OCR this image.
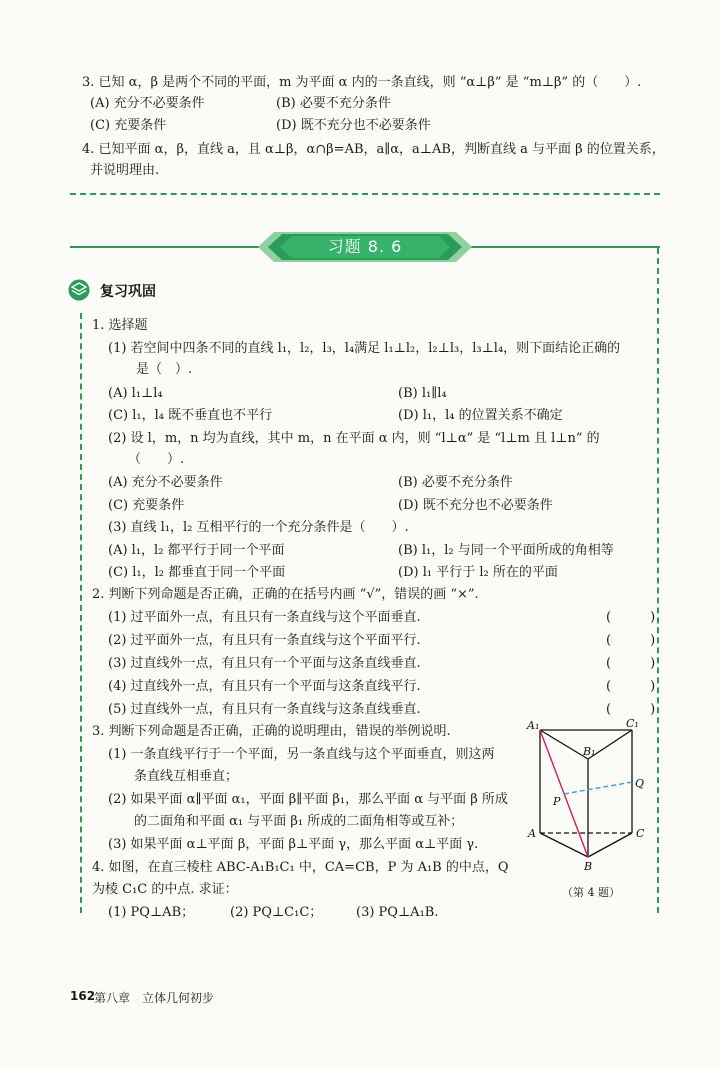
3. 已知 α，β 是两个不同的平面，m 为平面 α 内的一条直线，则 “α⊥β” 是 “m⊥β” 的（　　）.
(A) 充分不必要条件	(B) 必要不充分条件
(C) 充要条件	(D) 既不充分也不必要条件
4. 已知平面 α，β，直线 a，且 α⊥β，α∩β=AB，a∥α，a⊥AB，判断直线 a 与平面 β 的位置关系，
并说明理由.
习题 8. 6
复习巩固
1. 选择题
(1) 若空间中四条不同的直线 l₁，l₂，l₃，l₄满足 l₁⊥l₂，l₂⊥l₃，l₃⊥l₄，则下面结论正确的
是（　）.
(A) l₁⊥l₄	(B) l₁∥l₄
(C) l₁，l₄ 既不垂直也不平行	(D) l₁，l₄ 的位置关系不确定
(2) 设 l，m，n 均为直线，其中 m，n 在平面 α 内，则 “l⊥α” 是 “l⊥m 且 l⊥n” 的
（　　）.
(A) 充分不必要条件	(B) 必要不充分条件
(C) 充要条件	(D) 既不充分也不必要条件
(3) 直线 l₁，l₂ 互相平行的一个充分条件是（　　）.
(A) l₁，l₂ 都平行于同一个平面	(B) l₁，l₂ 与同一个平面所成的角相等
(C) l₁，l₂ 都垂直于同一个平面	(D) l₁ 平行于 l₂ 所在的平面
2. 判断下列命题是否正确，正确的在括号内画 “√”，错误的画 “×”.
(1) 过平面外一点，有且只有一条直线与这个平面垂直.	(　　　)
(2) 过平面外一点，有且只有一条直线与这个平面平行.	(　　　)
(3) 过直线外一点，有且只有一个平面与这条直线垂直.	(　　　)
(4) 过直线外一点，有且只有一个平面与这条直线平行.	(　　　)
(5) 过直线外一点，有且只有一条直线与这条直线垂直.	(　　　)
3. 判断下列命题是否正确，正确的说明理由，错误的举例说明.
(1) 一条直线平行于一个平面，另一条直线与这个平面垂直，则这两
条直线互相垂直；
(2) 如果平面 α∥平面 α₁，平面 β∥平面 β₁，那么平面 α 与平面 β 所成
的二面角和平面 α₁ 与平面 β₁ 所成的二面角相等或互补；
(3) 如果平面 α⊥平面 β，平面 β⊥平面 γ，那么平面 α⊥平面 γ.
4. 如图，在直三棱柱 ABC-A₁B₁C₁ 中，CA=CB，P 为 A₁B 的中点，Q
为棱 C₁C 的中点. 求证：
(1) PQ⊥AB；	(2) PQ⊥C₁C；	(3) PQ⊥A₁B.
A₁	C₁
B₁
Q
P
A	C
B
（第 4 题）
162
第八章　立体几何初步
